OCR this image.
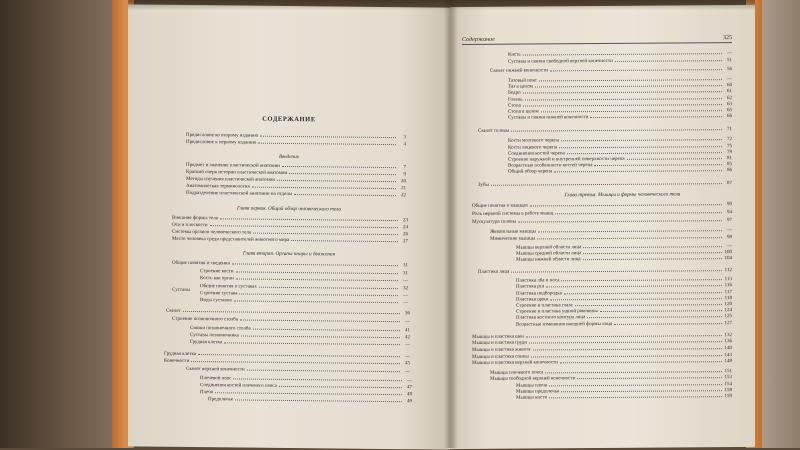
СОДЕРЖАНИЕ
Предисловие ко второму изданию	3
Предисловие к первому изданию	4
Введение
Предмет и значение пластической анатомии	7
Краткий очерк истории пластической анатомии	9
Методы изучения пластической анатомии	20
Анатомическая терминология	21
Подразделение пластической анатомии на отделы	22
Глава первая. Общий обзор человеческого тела
Внешние формы тела	23
Оси и плоскости	24
Системы органов человеческого тела	26
Место человека среди представителей животного мира	27
Глава вторая. Органы опоры и движения
Общие понятия и сведения	31
Строение кости	31
Кость как орган	—
Суставы
Общие понятия о суставах	32
Строение сустава	—
Виды суставов	—
Скелет	36
Строение позвоночного столба	—
Связки позвоночного столба	41
Суставы позвоночника	42
Грудная клетка	—
Грудная клетка	—
Конечности	45
Скелет верхней конечности	—
Плечевой пояс	—
Соединения костей плечевого пояса	47
Плечо	48
Предплечье	49
Содержание	325
Кисть	—
Суставы и связки свободной верхней конечности	51
Скелет нижней конечности	56
Тазовый пояс	—
Таз в целом	60
Бедро	61
Голень	62
Стопа	63
Стопа в целом	65
Суставы и связки нижней конечности	66
Скелет головы	71
Кости мозгового черепа	72
Кости лицевого черепа	75
Соединения костей черепа	79
Строение наружной и внутренней поверхности черепа	81
Возрастные особенности костей черепа	85
Общий обзор черепа	86
Зубы	87
Глава третья. Мышцы и формы человеческого тела
Общие понятия о мышцах	90
Роль нервной системы в работе мышц	94
Мускулатура головы	97
Жевательные мышцы	—
Мимические мышцы	98
Мышцы верхней области лица	—
Мышцы средней области лица	100
Мышцы нижней области лица	104
Пластика лица	112
Пластика лба и носа	113
Пластика рта	116
Пластика подбородка	117
Пластика щеки	118
Строение и пластика глаза	120
Строение и пластика ушной раковины	124
Пластика костного контура лица	125
Возрастные изменения внешней формы лица	127
Мышцы и пластика шеи	132
Мышцы и пластика груди	136
Мышцы и пластика живота	140
Мышцы и пластика спины	143
Мышцы и пластика верхней конечности	148
Мышцы плечевого пояса	151
Мышцы свободной верхней конечности	153
Мышцы плеча	154
Мышцы предплечья	158
Мышцы кисти	159
